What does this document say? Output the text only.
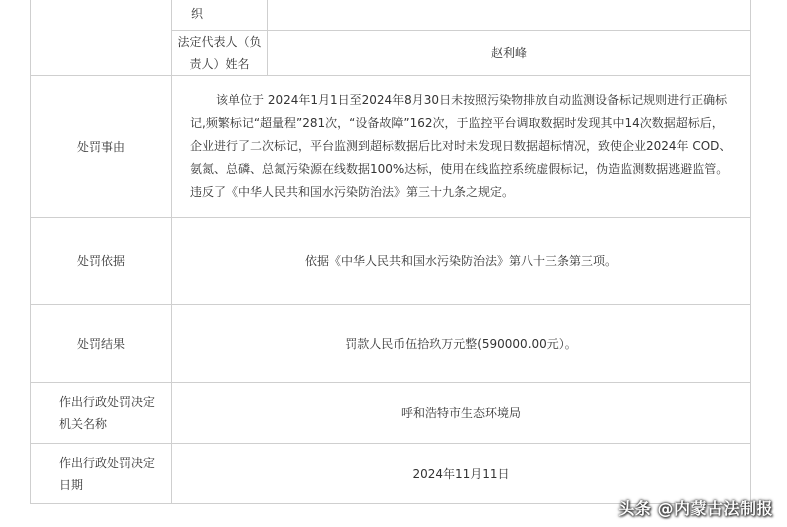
织		

	法定代表人（负责人）姓名	赵利峰
处罚事由	该单位于 2024年1月1日至2024年8月30日未按照污染物排放自动监测设备标记规则进行正确标记,频繁标记“超量程”281次，“设备故障”162次，于监控平台调取数据时发现其中14次数据超标后，企业进行了二次标记，平台监测到超标数据后比对时未发现日数据超标情况，致使企业2024年 COD、氨氮、总磷、总氮污染源在线数据100%达标，使用在线监控系统虚假标记，伪造监测数据逃避监管。违反了《中华人民共和国水污染防治法》第三十九条之规定。	
处罚依据	依据《中华人民共和国水污染防治法》第八十三条第三项。	
处罚结果	罚款人民币伍拾玖万元整(590000.00元）。	
作出行政处罚决定机关名称	呼和浩特市生态环境局	
作出行政处罚决定日期	2024年11月11日	
头条 @内蒙古法制报
